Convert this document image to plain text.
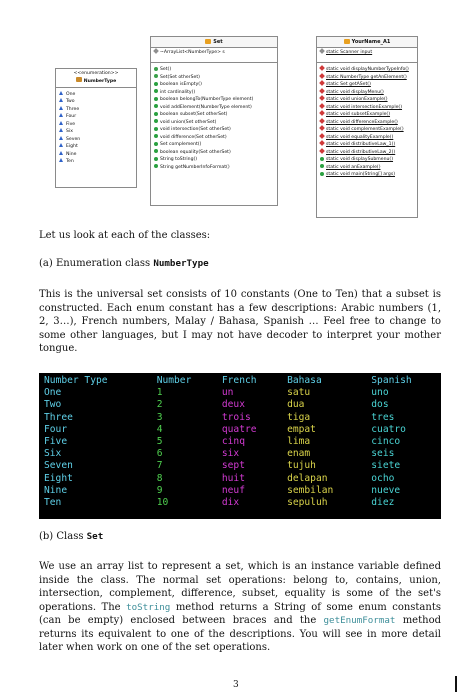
<<enumeration>>
NumberType
One
Two
Three
Four
Five
Six
Seven
Eight
Nine
Ten
Set
~ArrayList<NumberType> s
Set()
Set(Set otherSet)
boolean isEmpty()
int cardinality()
boolean belongTo(NumberType element)
void addElement(NumberType element)
boolean subset(Set otherSet)
void union(Set otherSet)
void intersection(Set otherSet)
void difference(Set otherSet)
Set complement()
boolean equality(Set otherSet)
String toString()
String getNumberInfoFormat()
YourName_A1
static Scanner input
static void displayNumberTypeInfo()
static NumberType getAnElement()
static Set getASet()
static void displayMenu()
static void unionExample()
static void intersectionExample()
static void subsetExample()
static void differenceExample()
static void complementExample()
static void equalityExample()
static void distributiveLaw_1()
static void distributiveLaw_2()
static void displaySubmenu()
static void anExample()
static void main(String[] args)

Let us look at each of the classes:

(a) Enumeration class NumberType

This is the universal set consists of 10 constants (One to Ten) that a subset is constructed. Each enum constant has a few descriptions: Arabic numbers (1, 2, 3…), French numbers, Malay / Bahasa, Spanish … Feel free to change to some other languages, but I may not have decoder to interpret your mother tongue.

Number Type	Number	French	Bahasa	Spanish
One	1	un	satu	uno
Two	2	deux	dua	dos
Three	3	trois	tiga	tres
Four	4	quatre	empat	cuatro
Five	5	cinq	lima	cinco
Six	6	six	enam	seis
Seven	7	sept	tujuh	siete
Eight	8	huit	delapan	ocho
Nine	9	neuf	sembilan	nueve
Ten	10	dix	sepuluh	diez

(b) Class Set

We use an array list to represent a set, which is an instance variable defined inside the class. The normal set operations: belong to, contains, union, intersection, complement, difference, subset, equality is some of the set's operations. The toString method returns a String of some enum constants (can be empty) enclosed between braces and the getEnumFormat method returns its equivalent to one of the descriptions. You will see in more detail later when work on one of the set operations.

3
